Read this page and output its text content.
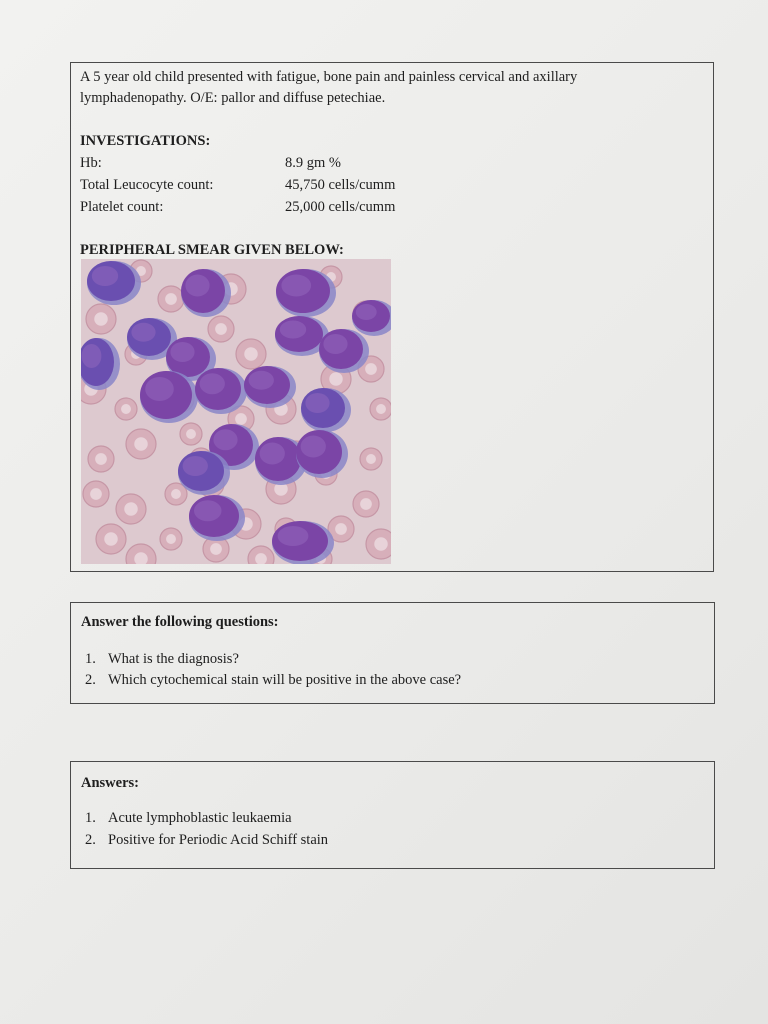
A 5 year old child presented with fatigue, bone pain and painless cervical and axillary
lymphadenopathy. O/E: pallor and diffuse petechiae.
INVESTIGATIONS:
Hb:	8.9 gm %
Total Leucocyte count:	45,750 cells/cumm
Platelet count:	25,000 cells/cumm
PERIPHERAL SMEAR GIVEN BELOW:
Answer the following questions:
1. What is the diagnosis?
2. Which cytochemical stain will be positive in the above case?
Answers:
1. Acute lymphoblastic leukaemia
2. Positive for Periodic Acid Schiff stain
